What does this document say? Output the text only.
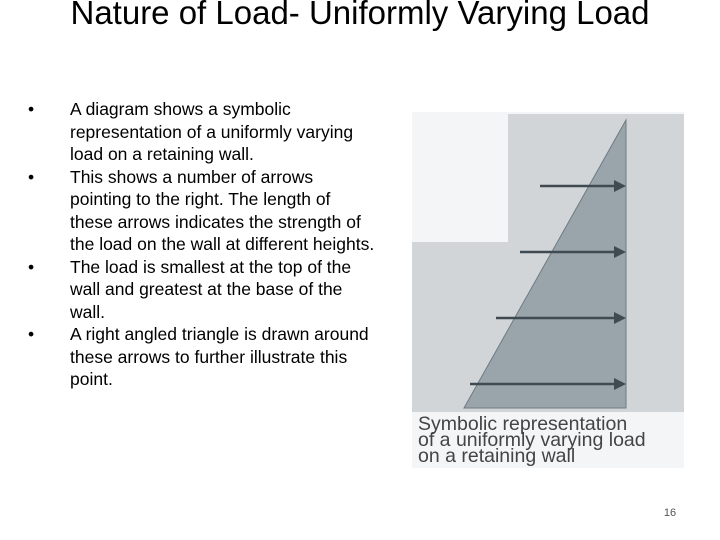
Nature of Load- Uniformly Varying Load
•	A diagram shows a symbolic representation of a uniformly varying load on a retaining wall.
•	This shows a number of arrows pointing to the right. The length of these arrows indicates the strength of the load on the wall at different heights.
•	The load is smallest at the top of the wall and greatest at the base of the wall.
•	A right angled triangle is drawn around these arrows to further illustrate this point.
Symbolic representation
of a uniformly varying load
on a retaining wall
16
